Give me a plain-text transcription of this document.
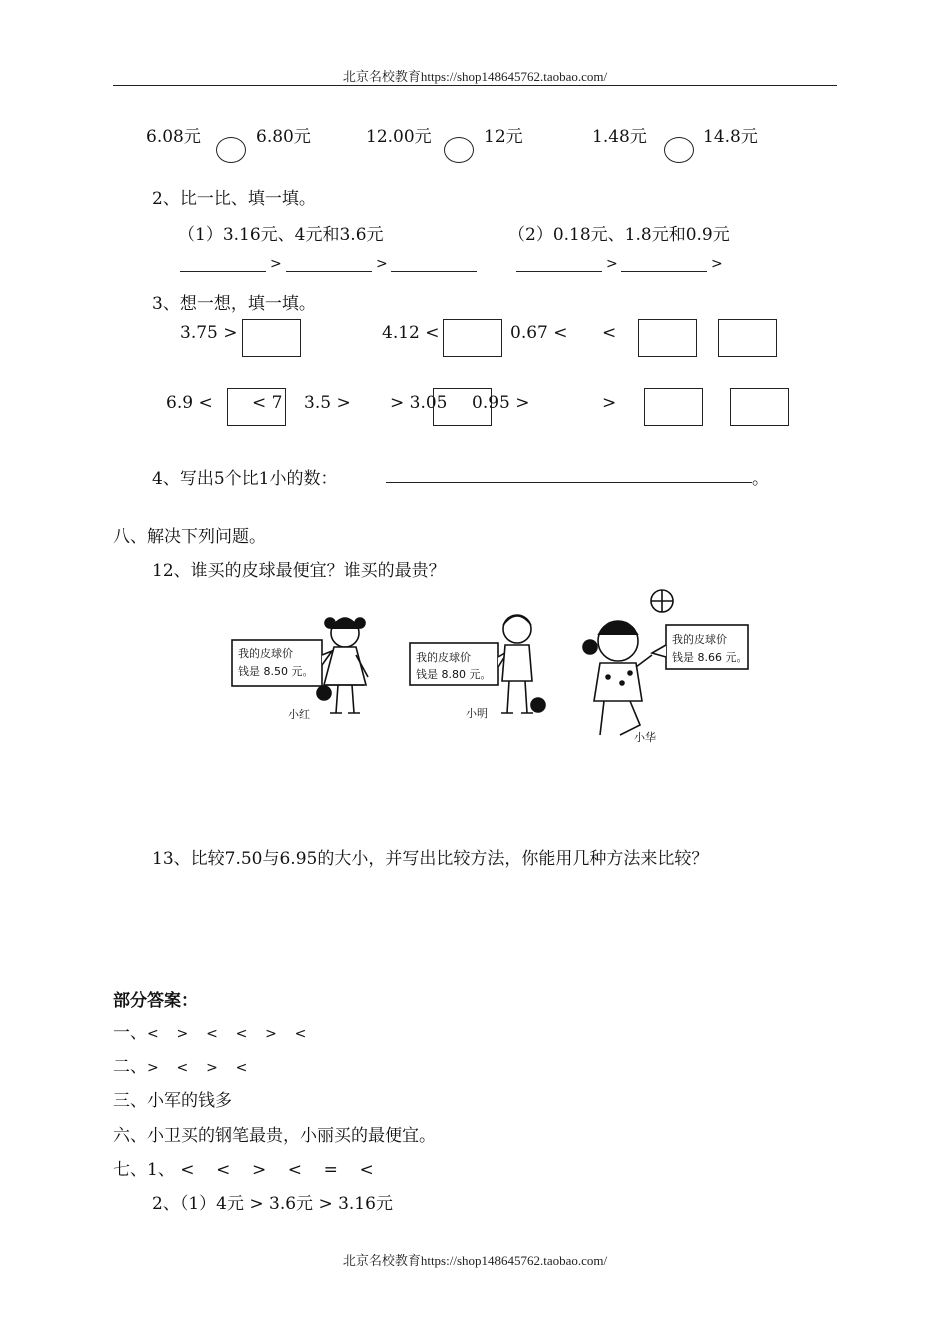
北京名校教育https://shop148645762.taobao.com/
6.08元	6.80元	12.00元	12元	1.48元	14.8元
2、比一比、填一填。
（1）3.16元、4元和3.6元	（2）0.18元、1.8元和0.9元
>	>	>	>
3、想一想，填一填。
3.75 >	4.12 <	0.67 < <
6.9 < < 7 3.5 > > 3.05 0.95 >	>
4、写出5个比1小的数：	。
八、解决下列问题。
12、谁买的皮球最便宜？谁买的最贵？
我的皮球价
钱是 8.50 元。
小红
我的皮球价
钱是 8.80 元。
小明
我的皮球价
钱是 8.66 元。
小华
13、比较7.50与6.95的大小，并写出比较方法，你能用几种方法来比较？
部分答案：
一、<    >    <    <    >    <
二、>    <    >    <
三、小军的钱多
六、小卫买的钢笔最贵，小丽买的最便宜。
七、1、 <    <    >    <    =    <
2、（1）4元 > 3.6元 > 3.16元
北京名校教育https://shop148645762.taobao.com/
